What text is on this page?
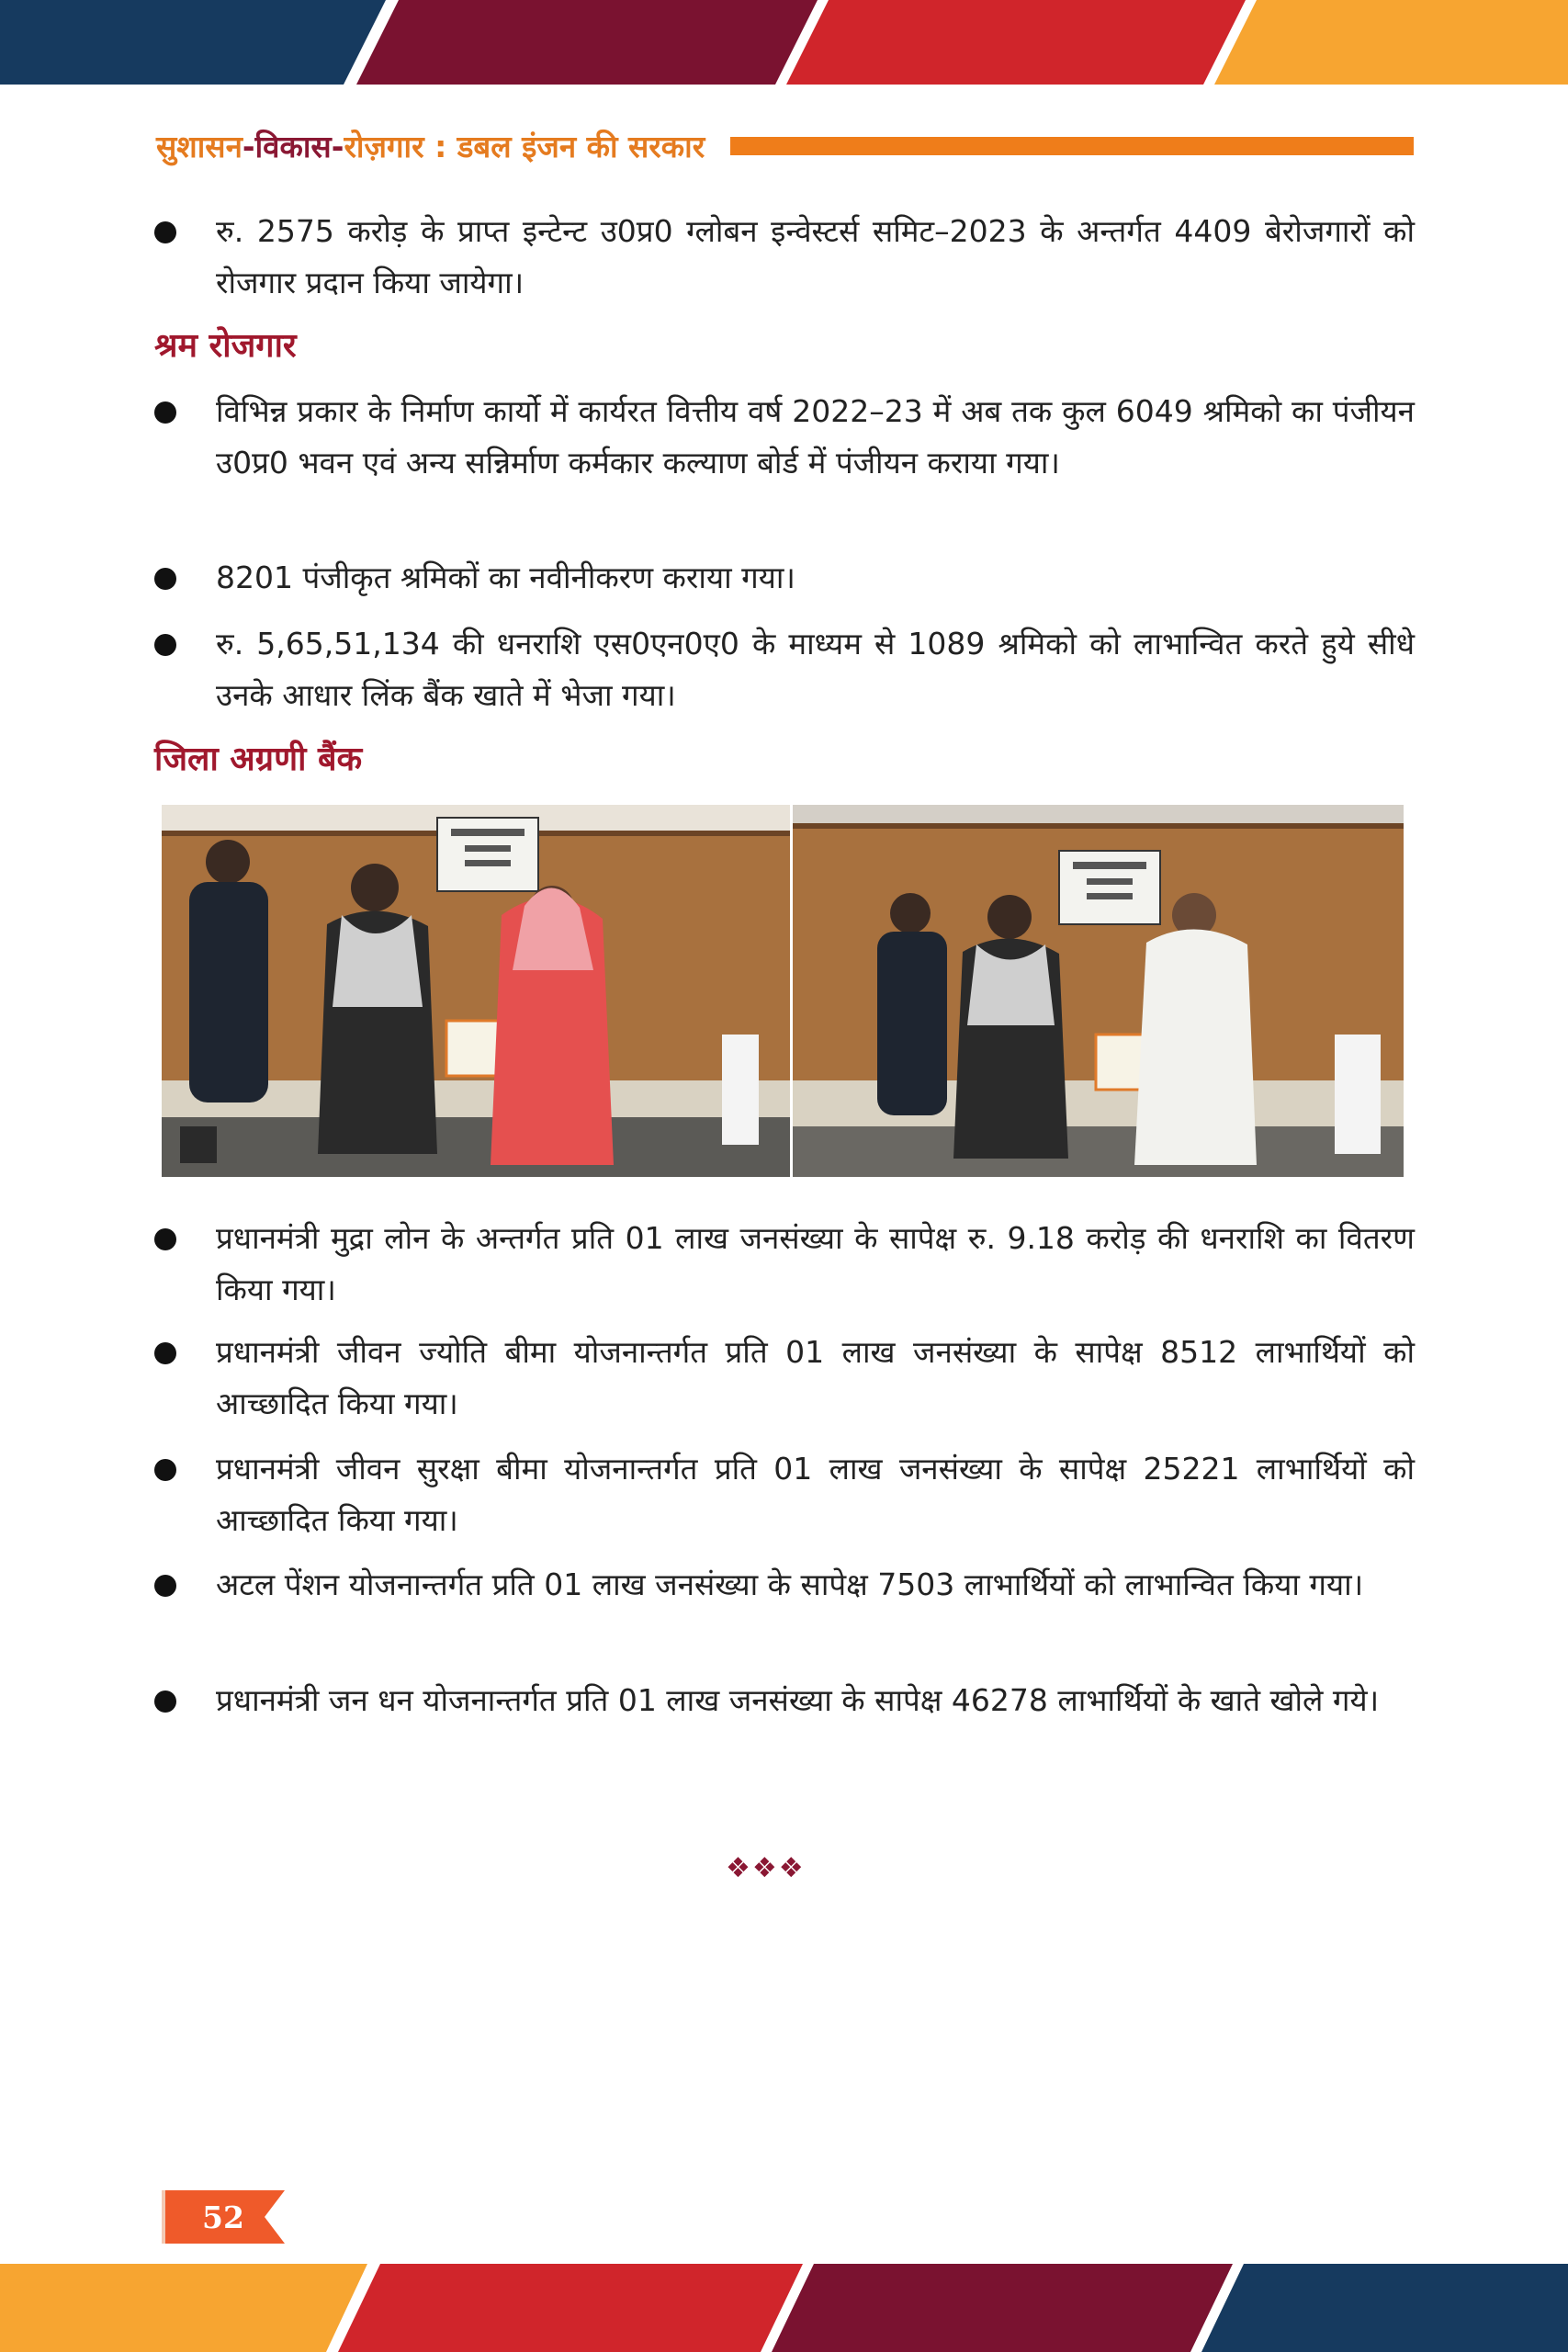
सुशासन-विकास-रोज़गार : डबल इंजन की सरकार
रु. 2575 करोड़ के प्राप्त इन्टेन्ट उ0प्र0 ग्लोबन इन्वेस्टर्स समिट–2023 के अन्तर्गत 4409 बेरोजगारों को रोजगार प्रदान किया जायेगा।
श्रम रोजगार
विभिन्न प्रकार के निर्माण कार्यो में कार्यरत वित्तीय वर्ष 2022–23 में अब तक कुल 6049 श्रमिको का पंजीयन उ0प्र0 भवन एवं अन्य सन्निर्माण कर्मकार कल्याण बोर्ड में पंजीयन कराया गया।
8201 पंजीकृत श्रमिकों का नवीनीकरण कराया गया।
रु. 5,65,51,134 की धनराशि एस0एन0ए0 के माध्यम से 1089 श्रमिको को लाभान्वित करते हुये सीधे उनके आधार लिंक बैंक खाते में भेजा गया।
जिला अग्रणी बैंक
प्रधानमंत्री मुद्रा लोन के अन्तर्गत प्रति 01 लाख जनसंख्या के सापेक्ष रु. 9.18 करोड़ की धनराशि का वितरण किया गया।
प्रधानमंत्री जीवन ज्योति बीमा योजनान्तर्गत प्रति 01 लाख जनसंख्या के सापेक्ष 8512 लाभार्थियों को आच्छादित किया गया।
प्रधानमंत्री जीवन सुरक्षा बीमा योजनान्तर्गत प्रति 01 लाख जनसंख्या के सापेक्ष 25221 लाभार्थियों को आच्छादित किया गया।
अटल पेंशन योजनान्तर्गत प्रति 01 लाख जनसंख्या के सापेक्ष 7503 लाभार्थियों को लाभान्वित किया गया।
प्रधानमंत्री जन धन योजनान्तर्गत प्रति 01 लाख जनसंख्या के सापेक्ष 46278 लाभार्थियों के खाते खोले गये।
❖❖❖
52
